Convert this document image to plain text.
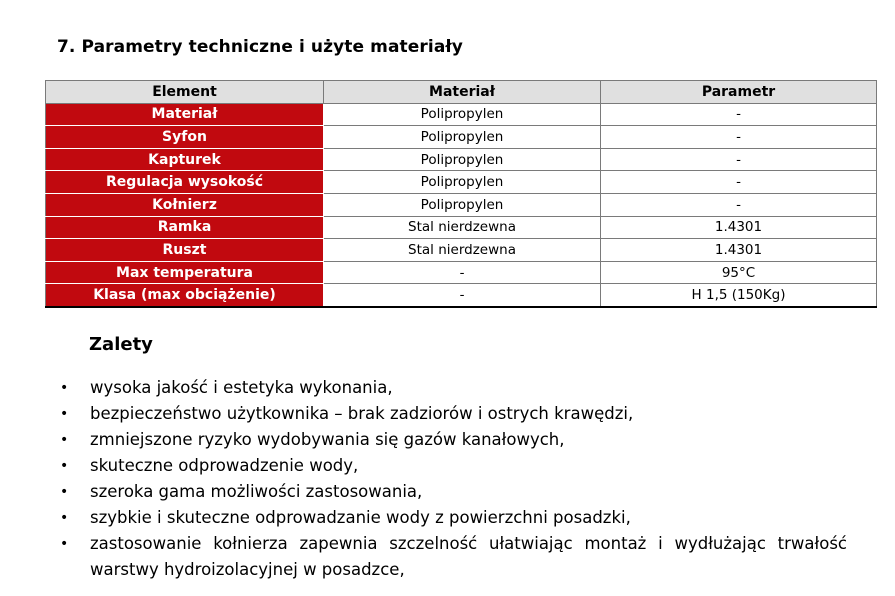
7. Parametry techniczne i użyte materiały
Element	Materiał	Parametr
Materiał	Polipropylen	-
Syfon	Polipropylen	-
Kapturek	Polipropylen	-
Regulacja wysokość	Polipropylen	-
Kołnierz	Polipropylen	-
Ramka	Stal nierdzewna	1.4301
Ruszt	Stal nierdzewna	1.4301
Max temperatura	-	95°C
Klasa (max obciążenie)	-	H 1,5 (150Kg)
Zalety
• wysoka jakość i estetyka wykonania,
• bezpieczeństwo użytkownika – brak zadziorów i ostrych krawędzi,
• zmniejszone ryzyko wydobywania się gazów kanałowych,
• skuteczne odprowadzenie wody,
• szeroka gama możliwości zastosowania,
• szybkie i skuteczne odprowadzanie wody z powierzchni posadzki,
• zastosowanie kołnierza zapewnia szczelność ułatwiając montaż i wydłużając trwałość warstwy hydroizolacyjnej w posadzce,
